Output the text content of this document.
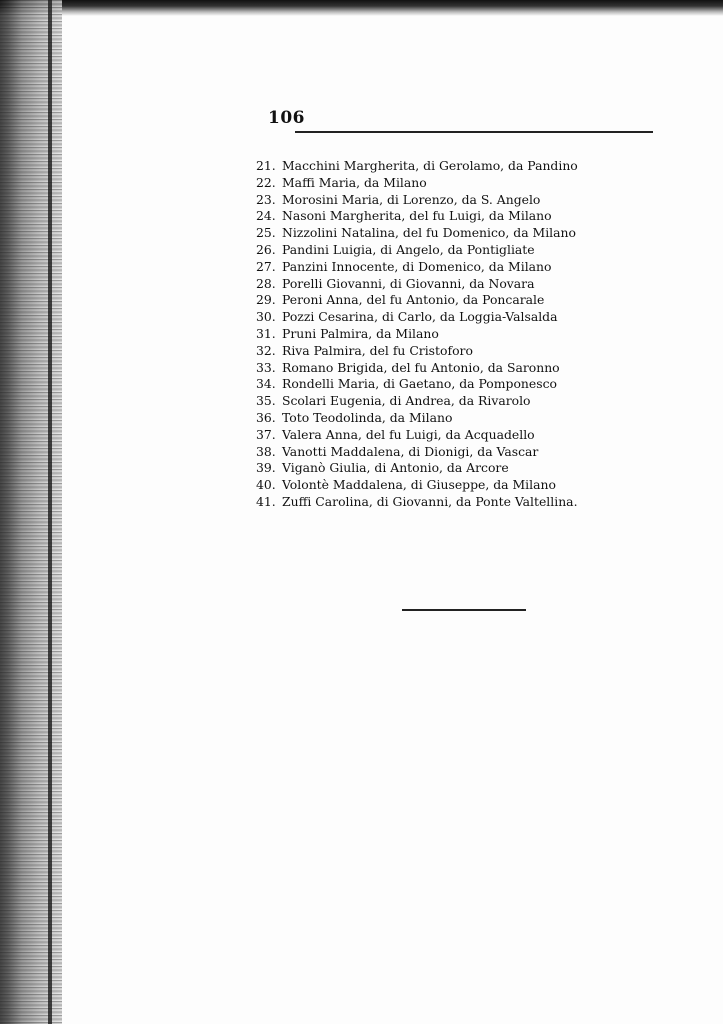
106
21. Macchini Margherita, di Gerolamo, da Pandino
22. Maffi Maria, da Milano
23. Morosini Maria, di Lorenzo, da S. Angelo
24. Nasoni Margherita, del fu Luigi, da Milano
25. Nizzolini Natalina, del fu Domenico, da Milano
26. Pandini Luigia, di Angelo, da Pontigliate
27. Panzini Innocente, di Domenico, da Milano
28. Porelli Giovanni, di Giovanni, da Novara
29. Peroni Anna, del fu Antonio, da Poncarale
30. Pozzi Cesarina, di Carlo, da Loggia-Valsalda
31. Pruni Palmira, da Milano
32. Riva Palmira, del fu Cristoforo
33. Romano Brigida, del fu Antonio, da Saronno
34. Rondelli Maria, di Gaetano, da Pomponesco
35. Scolari Eugenia, di Andrea, da Rivarolo
36. Toto Teodolinda, da Milano
37. Valera Anna, del fu Luigi, da Acquadello
38. Vanotti Maddalena, di Dionigi, da Vascar
39. Viganò Giulia, di Antonio, da Arcore
40. Volontè Maddalena, di Giuseppe, da Milano
41. Zuffi Carolina, di Giovanni, da Ponte Valtellina.
